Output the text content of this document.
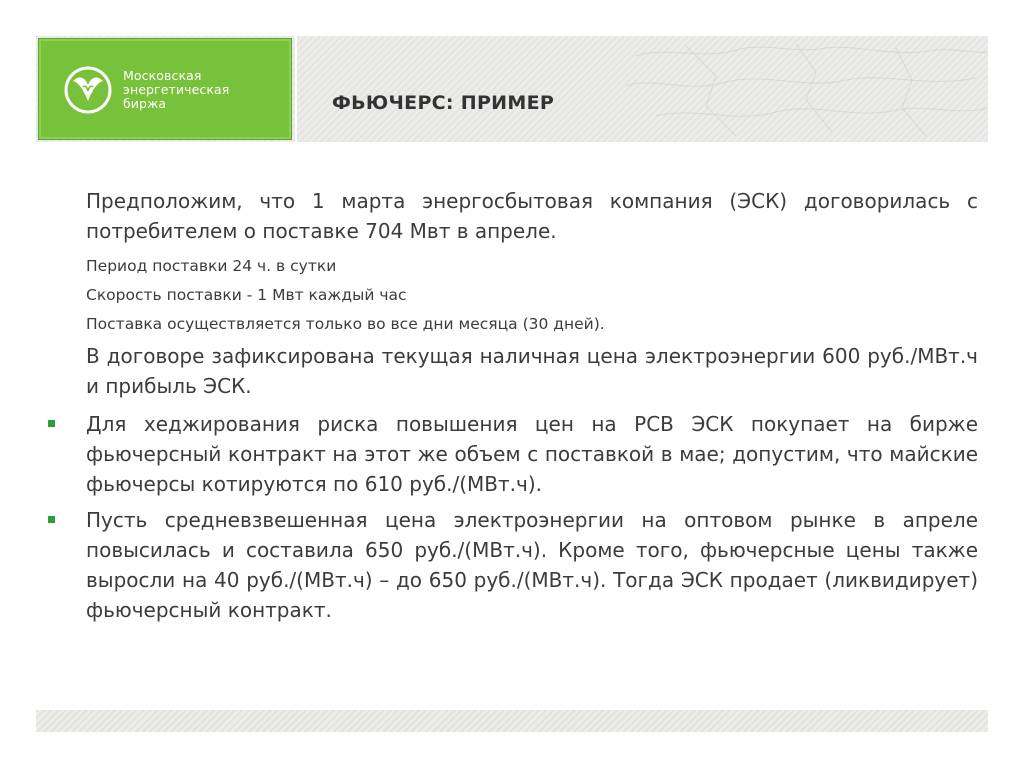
Московская
энергетическая
биржа	ФЬЮЧЕРС: ПРИМЕР

Предположим, что 1 марта энергосбытовая компания (ЭСК) договорилась с потребителем о поставке 704 Мвт в апреле.

Период поставки 24 ч. в сутки

Скорость поставки - 1 Мвт каждый час

Поставка осуществляется только во все дни месяца (30 дней).

В договоре зафиксирована текущая наличная цена электроэнергии 600 руб./МВт.ч и прибыль ЭСК.

Для хеджирования риска повышения цен на РСВ ЭСК покупает на бирже фьючерсный контракт на этот же объем с поставкой в мае; допустим, что майские фьючерсы котируются по 610 руб./(МВт.ч).

Пусть средневзвешенная цена электроэнергии на оптовом рынке в апреле повысилась и составила 650 руб./(МВт.ч). Кроме того, фьючерсные цены также выросли на 40 руб./(МВт.ч) – до 650 руб./(МВт.ч). Тогда ЭСК продает (ликвидирует) фьючерсный контракт.
